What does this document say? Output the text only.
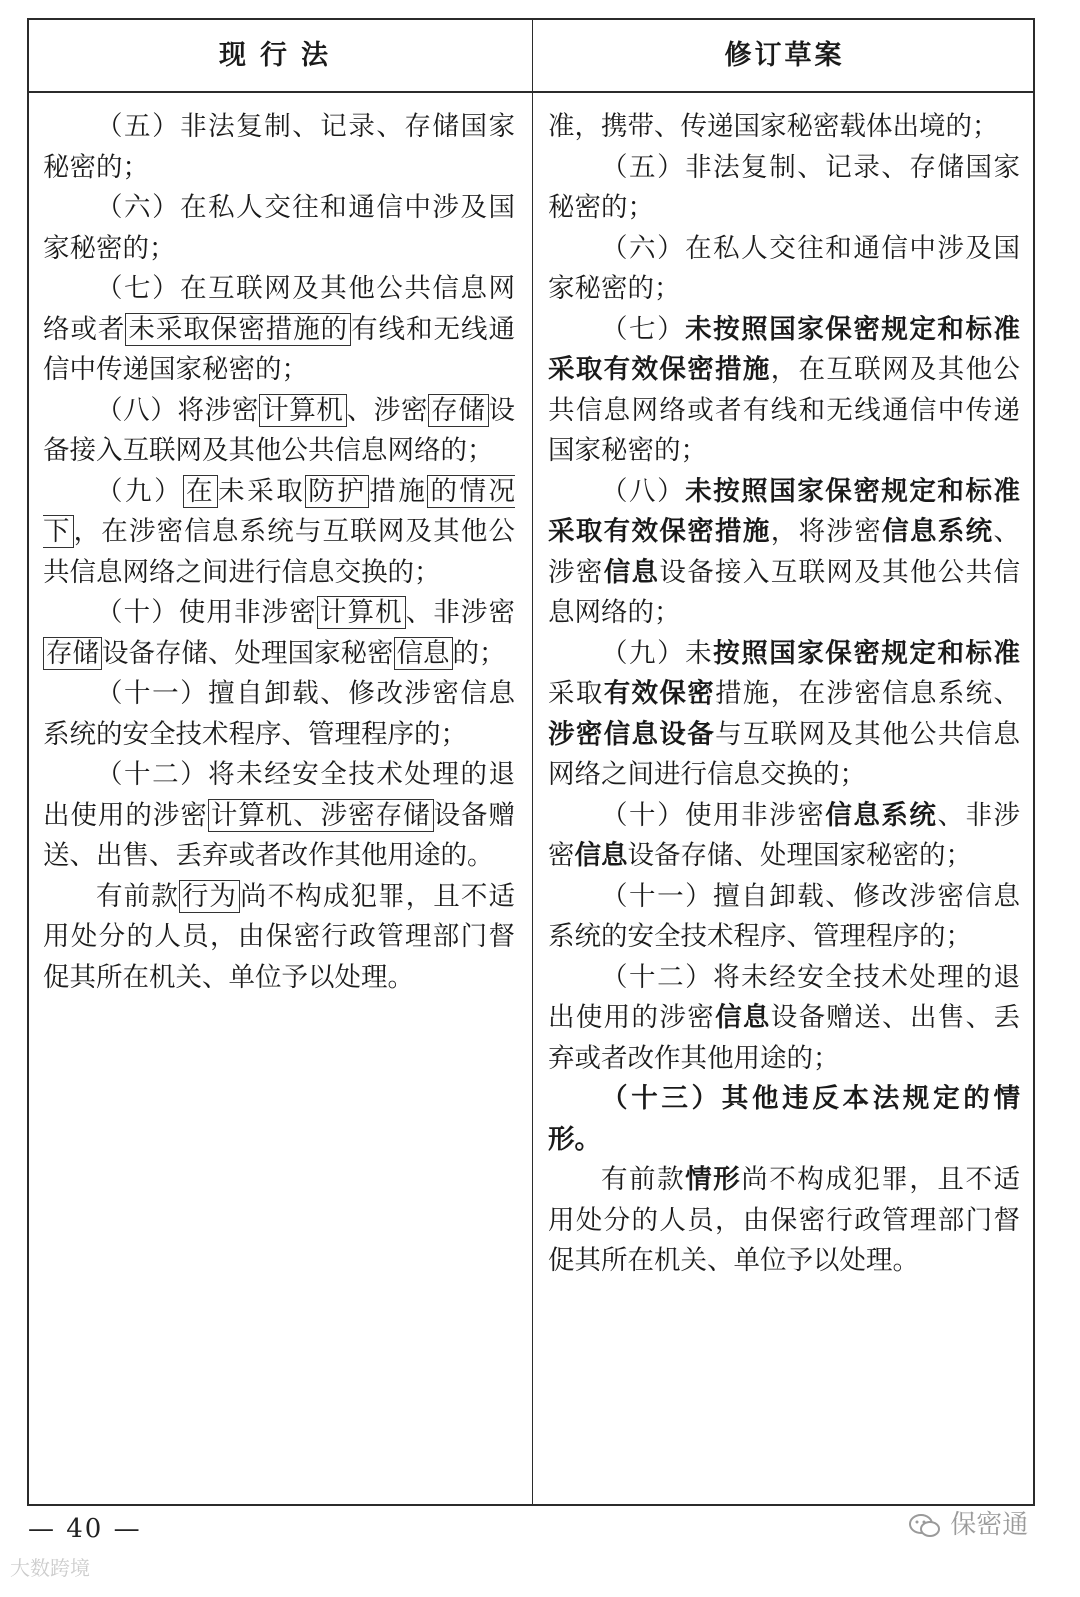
现行法	修订草案

（五）非法复制、记录、存储国家秘密的；

（六）在私人交往和通信中涉及国家秘密的；

（七）在互联网及其他公共信息网络或者 未采取保密措施的 有线和无线通信中传递国家秘密的；

（八）将涉密 计算机 、涉密 存储 设备接入互联网及其他公共信息网络的；

（九） 在 未采取 防护 措施 的情况下 ，在涉密信息系统与互联网及其他公共信息网络之间进行信息交换的；

（十）使用非涉密 计算机 、非涉密存储 设备存储、处理国家秘密 信息 的；

（十一）擅自卸载、修改涉密信息系统的安全技术程序、管理程序的；

（十二）将未经安全技术处理的退出使用的涉密 计算机、涉密存储 设备赠送、出售、丢弃或者改作其他用途的。

有前款 行为 尚不构成犯罪，且不适用处分的人员，由保密行政管理部门督促其所在机关、单位予以处理。

准，携带、传递国家秘密载体出境的；

（五）非法复制、记录、存储国家秘密的；

（六）在私人交往和通信中涉及国家秘密的；

（七）未按照国家保密规定和标准采取有效保密措施，在互联网及其他公共信息网络或者有线和无线通信中传递国家秘密的；

（八）未按照国家保密规定和标准采取有效保密措施，将涉密信息系统、涉密信息设备接入互联网及其他公共信息网络的；

（九）未按照国家保密规定和标准采取有效保密措施，在涉密信息系统、涉密信息设备与互联网及其他公共信息网络之间进行信息交换的；

（十）使用非涉密信息系统、非涉密信息设备存储、处理国家秘密的；

（十一）擅自卸载、修改涉密信息系统的安全技术程序、管理程序的；

（十二）将未经安全技术处理的退出使用的涉密信息设备赠送、出售、丢弃或者改作其他用途的；

（十三）其他违反本法规定的情形。

有前款情形尚不构成犯罪，且不适用处分的人员，由保密行政管理部门督促其所在机关、单位予以处理。

— 40 —
大数跨境
保密通
